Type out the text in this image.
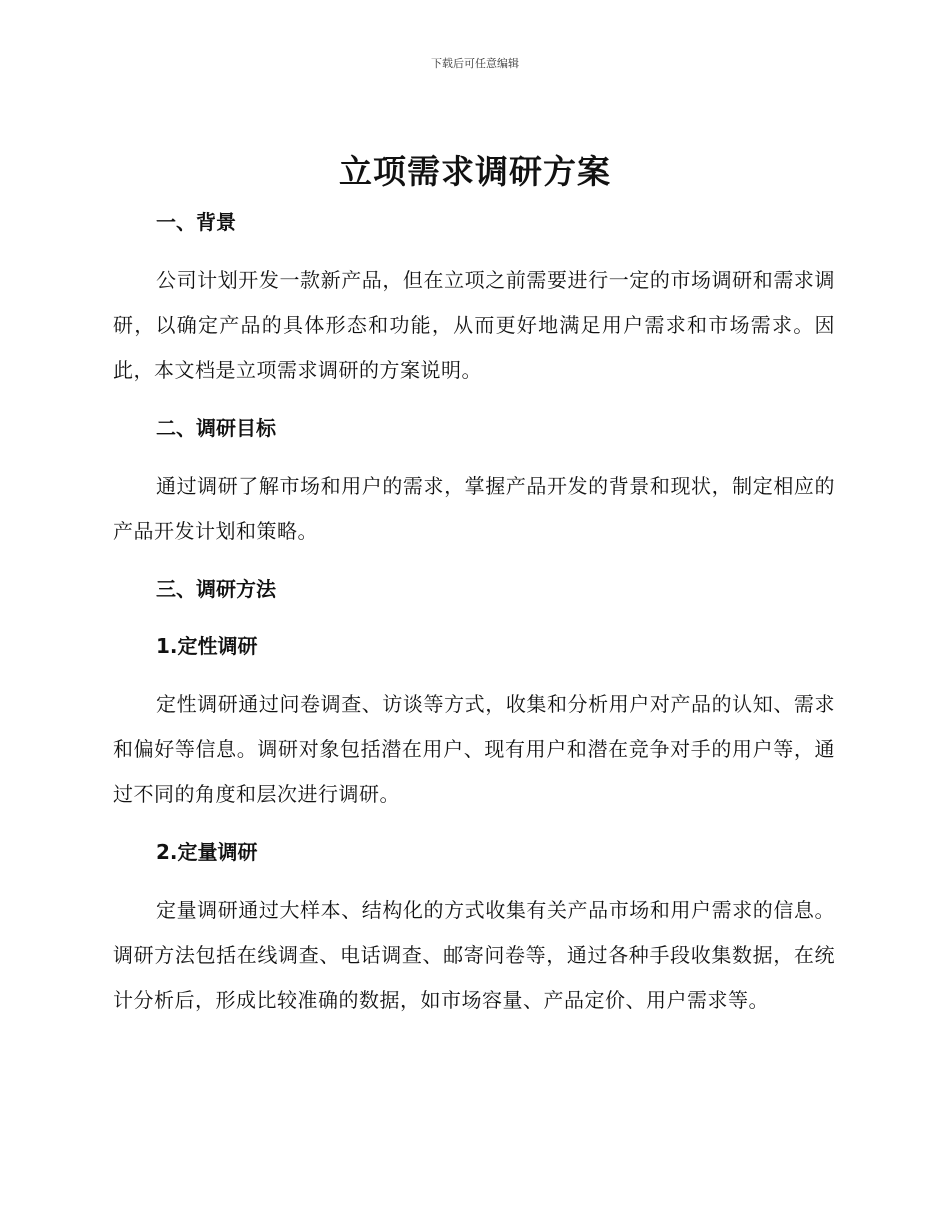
下载后可任意编辑
立项需求调研方案
一、背景

公司计划开发一款新产品，但在立项之前需要进行一定的市场调研和需求调研，以确定产品的具体形态和功能，从而更好地满足用户需求和市场需求。因此，本文档是立项需求调研的方案说明。

二、调研目标

通过调研了解市场和用户的需求，掌握产品开发的背景和现状，制定相应的产品开发计划和策略。

三、调研方法
1.定性调研

定性调研通过问卷调查、访谈等方式，收集和分析用户对产品的认知、需求和偏好等信息。调研对象包括潜在用户、现有用户和潜在竞争对手的用户等，通过不同的角度和层次进行调研。

2.定量调研

定量调研通过大样本、结构化的方式收集有关产品市场和用户需求的信息。调研方法包括在线调查、电话调查、邮寄问卷等，通过各种手段收集数据，在统计分析后，形成比较准确的数据，如市场容量、产品定价、用户需求等。
